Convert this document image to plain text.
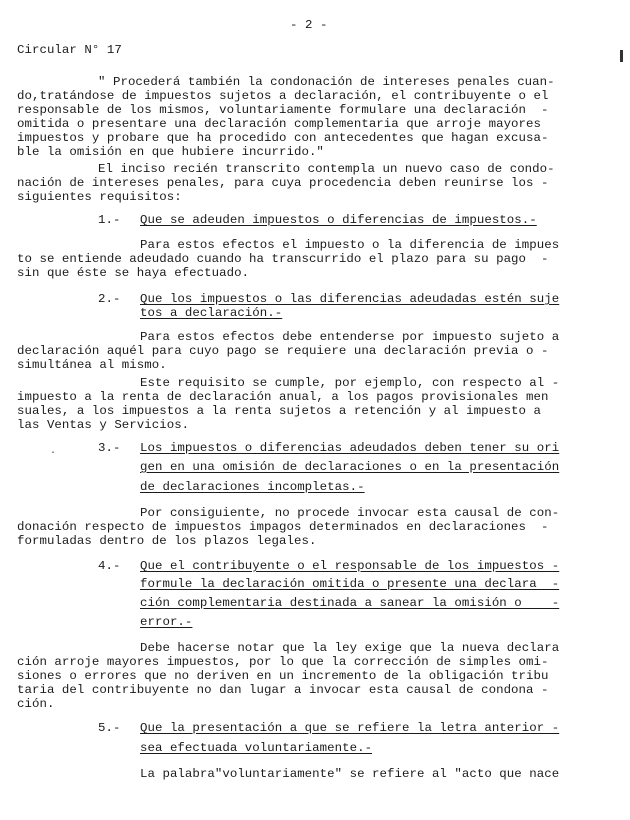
- 2 -
Circular N° 17
" Procederá también la condonación de intereses penales cuan-
do,tratándose de impuestos sujetos a declaración, el contribuyente o el
responsable de los mismos, voluntariamente formulare una declaración  -
omitida o presentare una declaración complementaria que arroje mayores
impuestos y probare que ha procedido con antecedentes que hagan excusa-
ble la omisión en que hubiere incurrido."
El inciso recién transcrito contempla un nuevo caso de condo-
nación de intereses penales, para cuya procedencia deben reunirse los -
siguientes requisitos:
1.- Que se adeuden impuestos o diferencias de impuestos.-
Para estos efectos el impuesto o la diferencia de impues
to se entiende adeudado cuando ha transcurrido el plazo para su pago  -
sin que éste se haya efectuado.
2.- Que los impuestos o las diferencias adeudadas estén suje
tos a declaración.-
Para estos efectos debe entenderse por impuesto sujeto a
declaración aquél para cuyo pago se requiere una declaración previa o -
simultánea al mismo.
Este requisito se cumple, por ejemplo, con respecto al -
impuesto a la renta de declaración anual, a los pagos provisionales men
suales, a los impuestos a la renta sujetos a retención y al impuesto a
las Ventas y Servicios.
·	3.- Los impuestos o diferencias adeudados deben tener su ori
gen en una omisión de declaraciones o en la presentación
de declaraciones incompletas.-
Por consiguiente, no procede invocar esta causal de con-
donación respecto de impuestos impagos determinados en declaraciones  -
formuladas dentro de los plazos legales.
4.- Que el contribuyente o el responsable de los impuestos -
formule la declaración omitida o presente una declara  -
ción complementaria destinada a sanear la omisión o    -
error.-
Debe hacerse notar que la ley exige que la nueva declara
ción arroje mayores impuestos, por lo que la corrección de simples omi-
siones o errores que no deriven en un incremento de la obligación tribu
taria del contribuyente no dan lugar a invocar esta causal de condona -
ción.
5.- Que la presentación a que se refiere la letra anterior -
sea efectuada voluntariamente.-
La palabra"voluntariamente" se refiere al "acto que nace
